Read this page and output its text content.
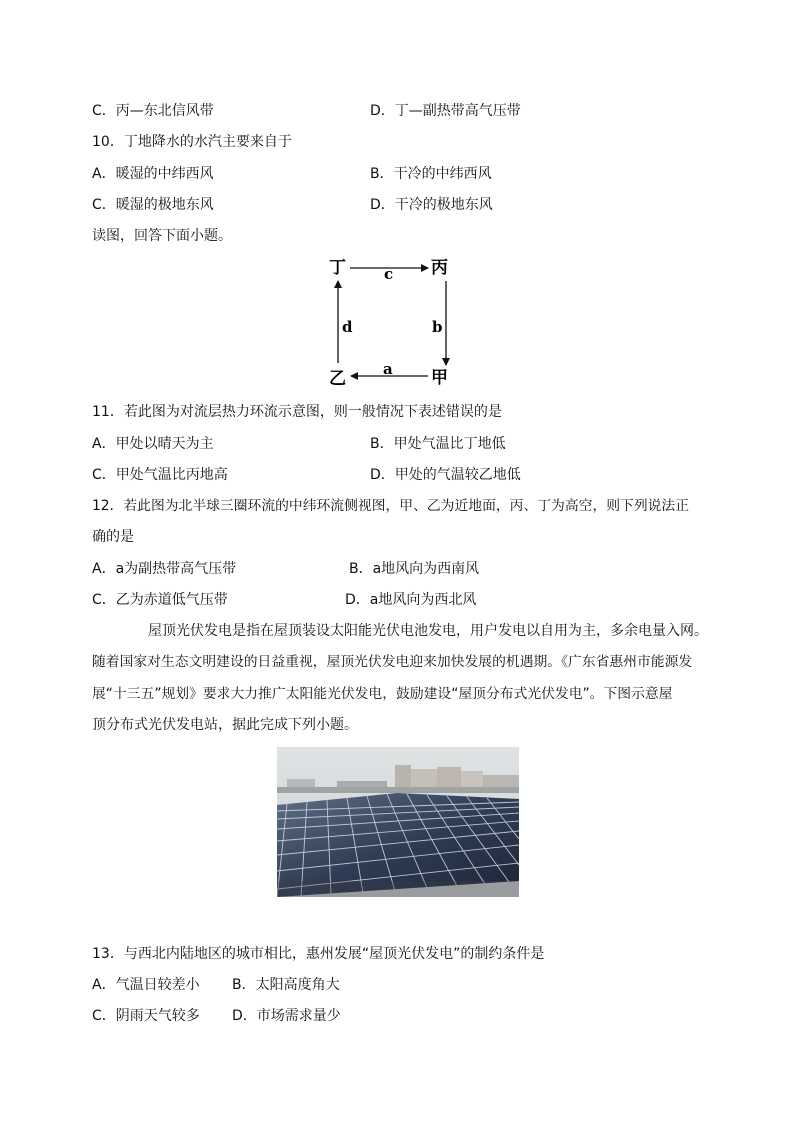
C．丙—东北信风带	D．丁—副热带高气压带
10．丁地降水的水汽主要来自于
A．暖湿的中纬西风	B．干冷的中纬西风
C．暖湿的极地东风	D．干冷的极地东风
读图，回答下面小题。
丁	丙
甲
乙
c
b
a
d
11．若此图为对流层热力环流示意图，则一般情况下表述错误的是
A．甲处以晴天为主	B．甲处气温比丁地低
C．甲处气温比丙地高	D．甲处的气温较乙地低
12．若此图为北半球三圈环流的中纬环流侧视图，甲、乙为近地面，丙、丁为高空，则下列说法正
确的是
A．a为副热带高气压带	B．a地风向为西南风
C．乙为赤道低气压带	D．a地风向为西北风
屋顶光伏发电是指在屋顶装设太阳能光伏电池发电，用户发电以自用为主，多余电量入网。
随着国家对生态文明建设的日益重视，屋顶光伏发电迎来加快发展的机遇期。《广东省惠州市能源发
展“十三五”规划》要求大力推广太阳能光伏发电，鼓励建设“屋顶分布式光伏发电”。下图示意屋
顶分布式光伏发电站，据此完成下列小题。
13．与西北内陆地区的城市相比，惠州发展“屋顶光伏发电”的制约条件是
A．气温日较差小 B．太阳高度角大
C．阴雨天气较多 D．市场需求量少
